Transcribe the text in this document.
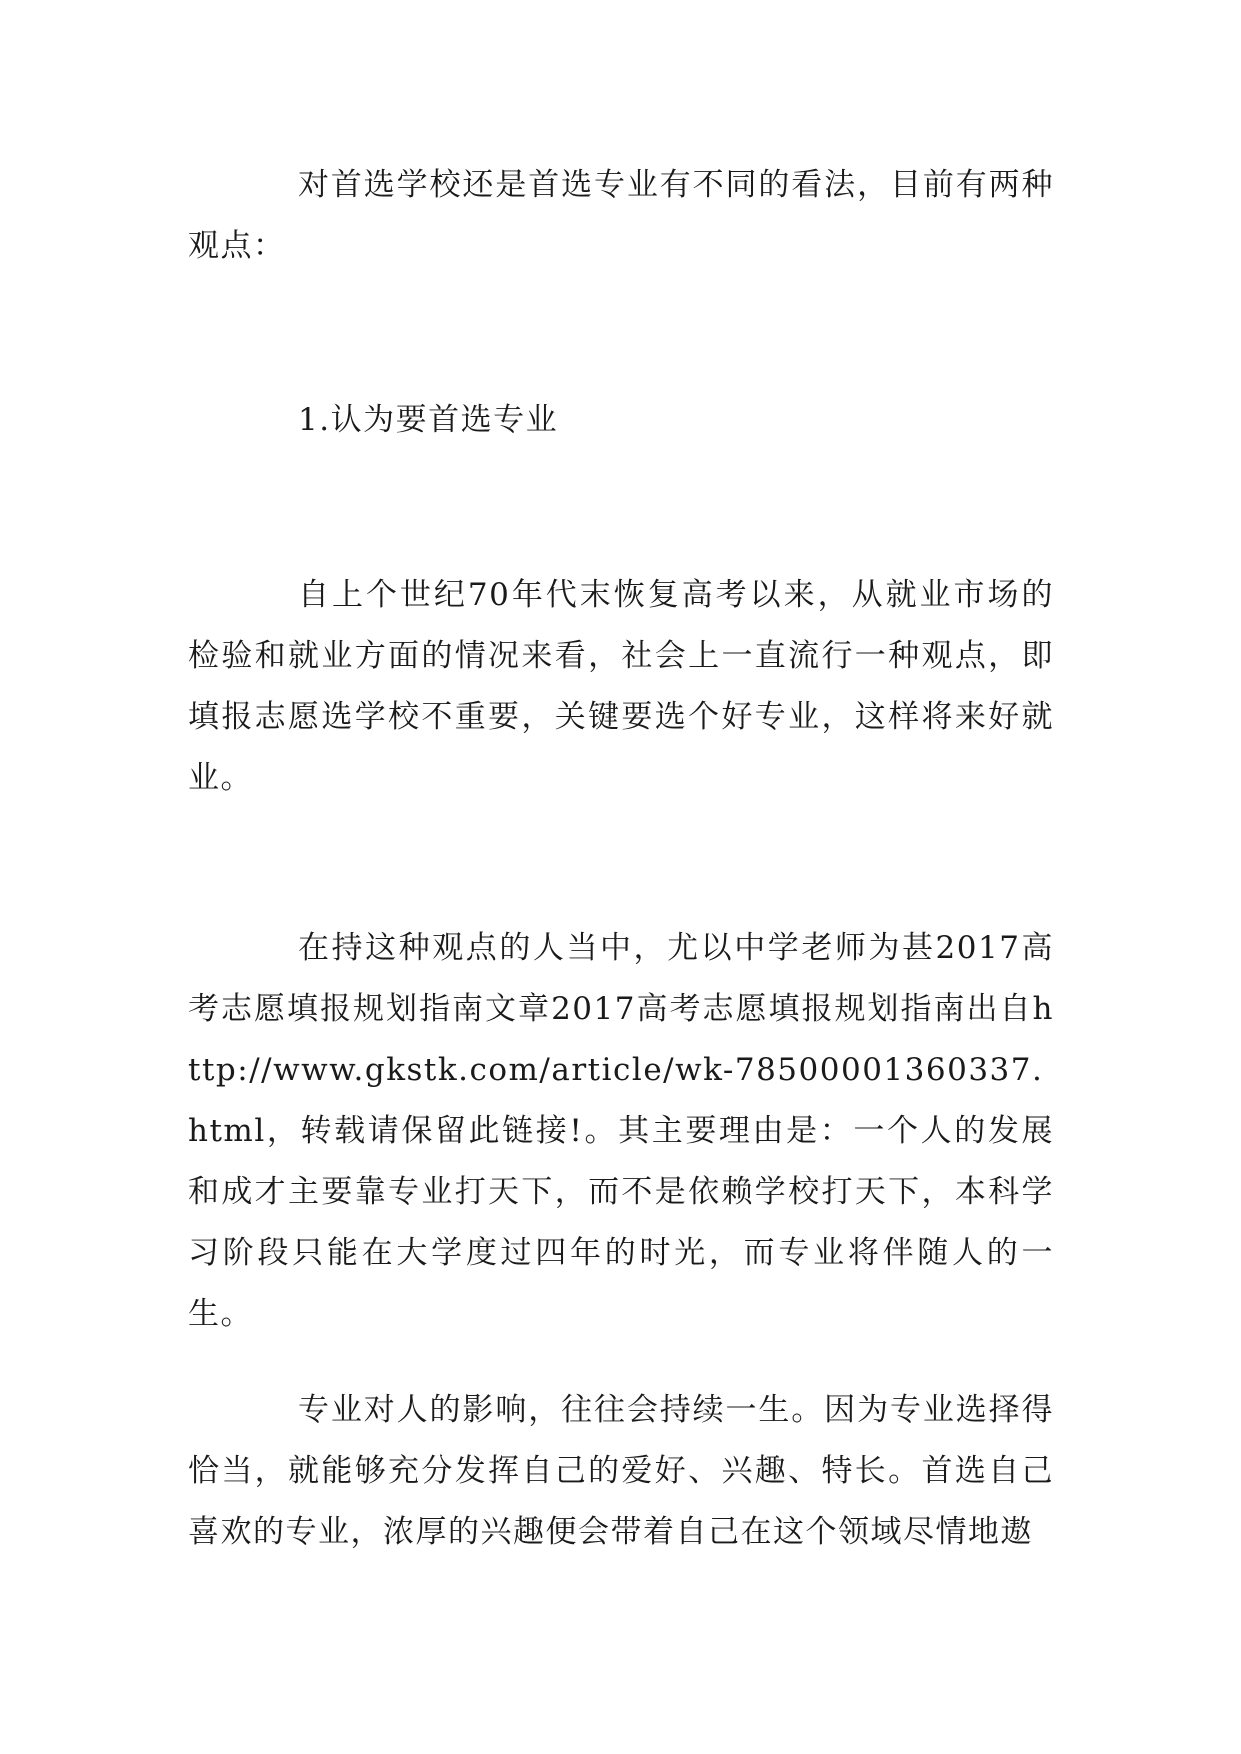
对首选学校还是首选专业有不同的看法，目前有两种观点：

1.认为要首选专业

自上个世纪70年代末恢复高考以来，从就业市场的检验和就业方面的情况来看，社会上一直流行一种观点，即填报志愿选学校不重要，关键要选个好专业，这样将来好就业。

在持这种观点的人当中，尤以中学老师为甚2017高考志愿填报规划指南文章2017高考志愿填报规划指南出自http://www.gkstk.com/article/wk-78500001360337.html，转载请保留此链接!。其主要理由是：一个人的发展和成才主要靠专业打天下，而不是依赖学校打天下，本科学习阶段只能在大学度过四年的时光，而专业将伴随人的一生。

专业对人的影响，往往会持续一生。因为专业选择得恰当，就能够充分发挥自己的爱好、兴趣、特长。首选自己喜欢的专业，浓厚的兴趣便会带着自己在这个领域尽情地遨
